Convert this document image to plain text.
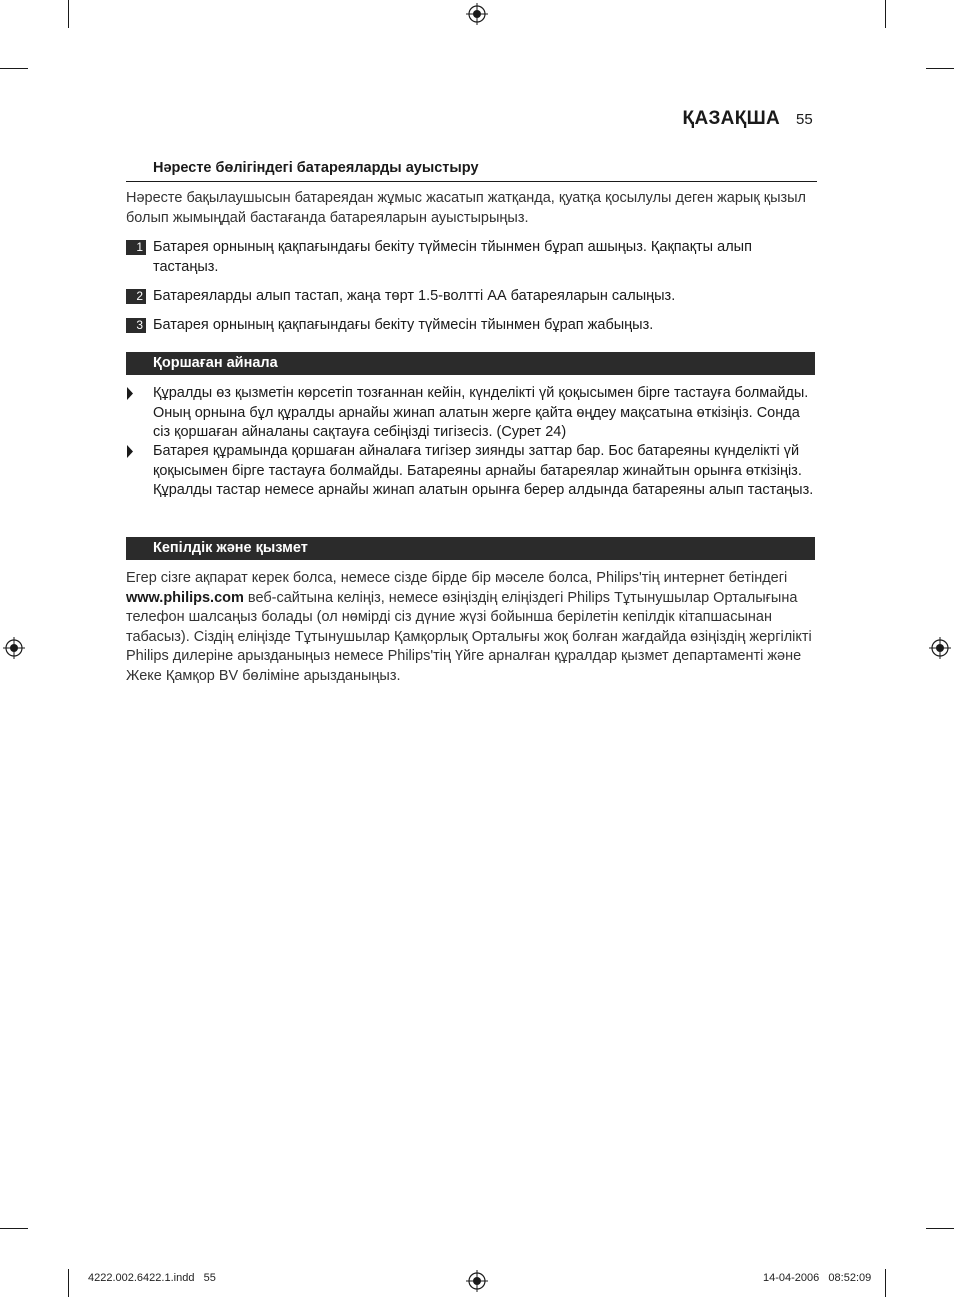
ҚАЗАҚША 55
Нәресте бөлігіндегі батареяларды ауыстыру
Нәресте бақылаушысын батареядан жұмыс жасатып жатқанда, қуатқа қосылулы деген жарық қызыл болып жымыңдай бастағанда батареяларын ауыстырыңыз.
1 Батарея орнының қақпағындағы бекіту түймесін тйынмен бұрап ашыңыз. Қақпақты алып тастаңыз.
2 Батареяларды алып тастап, жаңа төрт 1.5-волтті АА батареяларын салыңыз.
3 Батарея орнының қақпағындағы бекіту түймесін тйынмен бұрап жабыңыз.
Қоршаған айнала
Құралды өз қызметін көрсетіп тозғаннан кейін, күнделікті үй қоқысымен бірге тастауға болмайды. Оның орнына бұл құралды арнайы жинап алатын жерге қайта өңдеу мақсатына өткізіңіз. Сонда сіз қоршаған айналаны сақтауға себіңізді тигізесіз. (Сурет 24)
Батарея құрамында қоршаған айналаға тигізер зиянды заттар бар. Бос батареяны күнделікті үй қоқысымен бірге тастауға болмайды. Батареяны арнайы батареялар жинайтын орынға өткізіңіз. Құралды тастар немесе арнайы жинап алатын орынға берер алдында батареяны алып тастаңыз.
Кепілдік және қызмет
Егер сізге ақпарат керек болса, немесе сізде бірде бір мәселе болса, Philips'тің интернет бетіндегі www.philips.com веб-сайтына келіңіз, немесе өзіңіздің еліңіздегі Philips Тұтынушылар Орталығына телефон шалсаңыз болады (ол нөмірді сіз дүние жүзі бойынша берілетін кепілдік кітапшасынан табасыз). Сіздің еліңізде Тұтынушылар Қамқорлық Орталығы жоқ болған жағдайда өзіңіздің жергілікті Philips дилеріне арызданыңыз немесе Philips'тің Үйге арналған құралдар қызмет департаменті және Жеке Қамқор BV бөліміне арызданыңыз.
4222.002.6422.1.indd   55	14-04-2006   08:52:09
